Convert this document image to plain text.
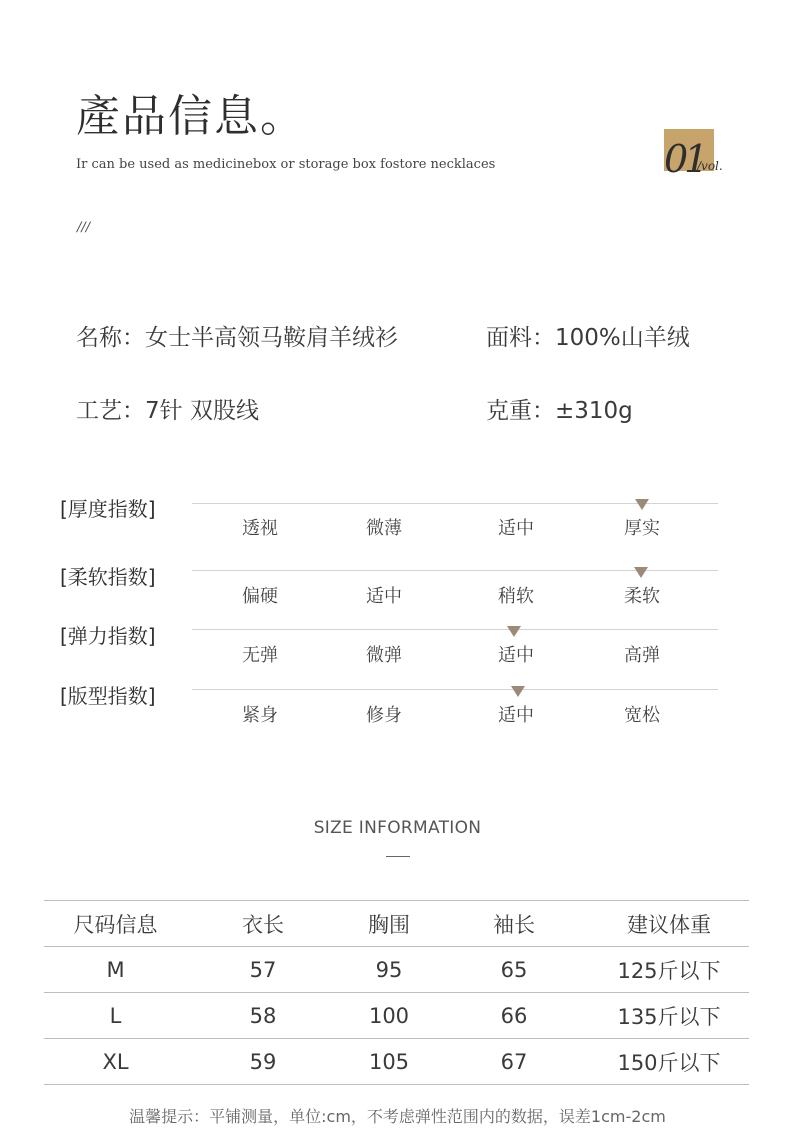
產品信息。
Ir can be used as medicinebox or storage box fostore necklaces
///
01
/vol.
名称：女士半高领马鞍肩羊绒衫	面料：100%山羊绒
工艺：7针 双股线	克重：±310g
[厚度指数]
透视	微薄	适中	厚实
[柔软指数]
偏硬	适中	稍软	柔软
[弹力指数]
无弹	微弹	适中	高弹
[版型指数]
紧身	修身	适中	宽松
SIZE INFORMATION
尺码信息	衣长	胸围	袖长	建议体重
M	57	95	65	125斤以下
L	58	100	66	135斤以下
XL	59	105	67	150斤以下
温馨提示：平铺测量，单位:cm，不考虑弹性范围内的数据，误差1cm-2cm
